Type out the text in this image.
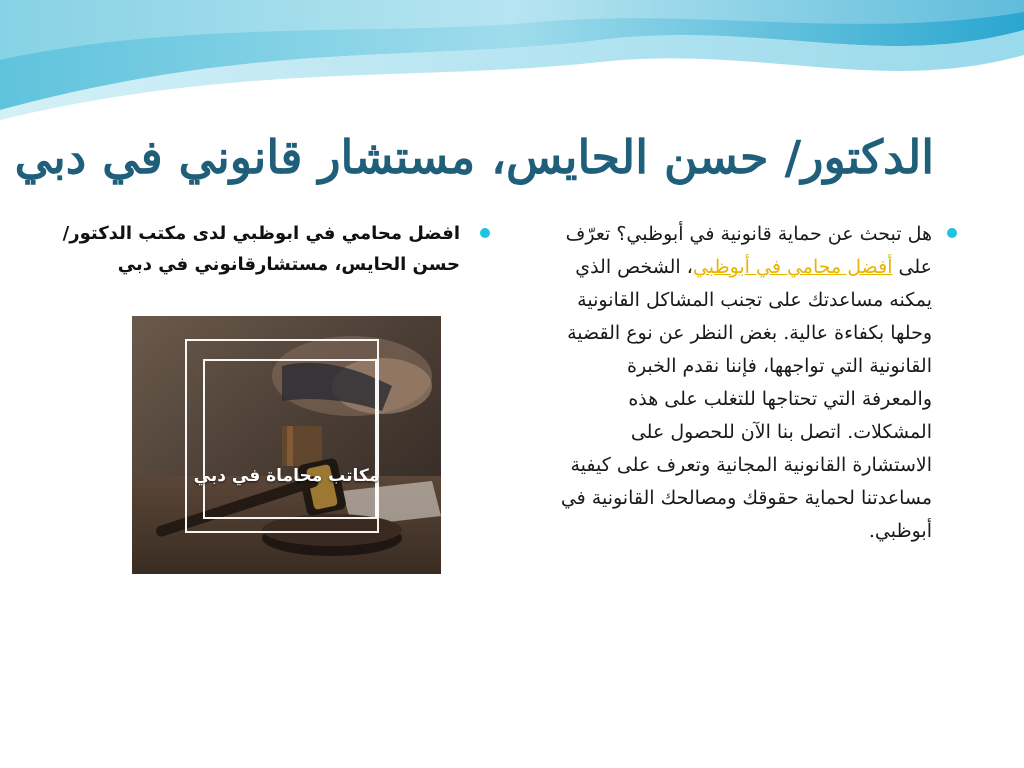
الدكتور/ حسن الحايس، مستشار قانوني في دبي
هل تبحث عن حماية قانونية في أبوظبي؟ تعرّف على أفضل محامي في أبوظبي، الشخص الذي يمكنه مساعدتك على تجنب المشاكل القانونية وحلها بكفاءة عالية. بغض النظر عن نوع القضية القانونية التي تواجهها، فإننا نقدم الخبرة والمعرفة التي تحتاجها للتغلب على هذه المشكلات. اتصل بنا الآن للحصول على الاستشارة القانونية المجانية وتعرف على كيفية مساعدتنا لحماية حقوقك ومصالحك القانونية في أبوظبي.
افضل محامي في ابوظبي لدى مكتب الدكتور/ حسن الحايس، مستشارقانوني في دبي
مكاتب محاماة في دبي
